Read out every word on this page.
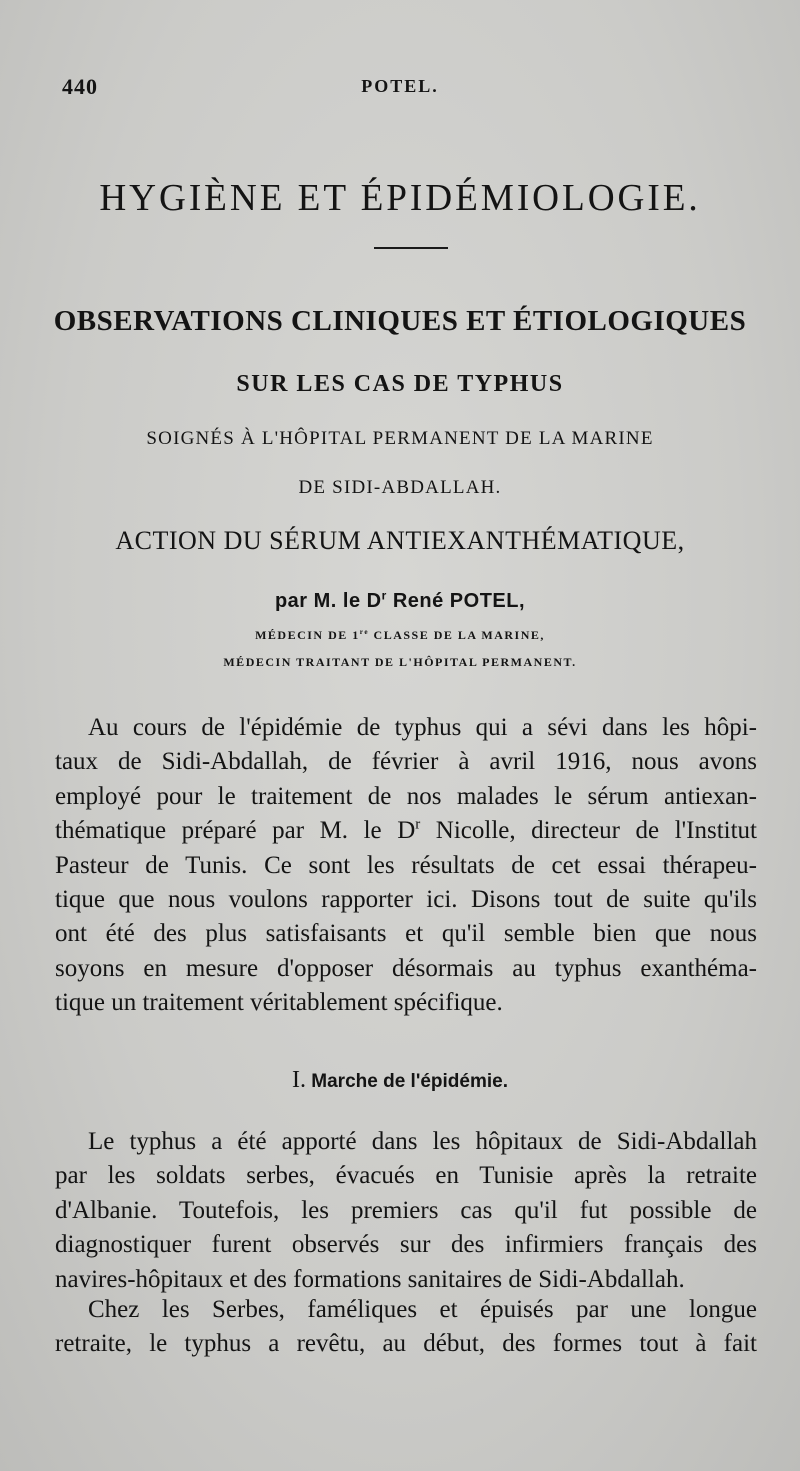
440	POTEL.
HYGIÈNE ET ÉPIDÉMIOLOGIE.
OBSERVATIONS CLINIQUES ET ÉTIOLOGIQUES
SUR LES CAS DE TYPHUS
SOIGNÉS À L'HÔPITAL PERMANENT DE LA MARINE
DE SIDI-ABDALLAH.
ACTION DU SÉRUM ANTIEXANTHÉMATIQUE,
par M. le $D^r$ René POTEL,
MÉDECIN DE 1re CLASSE DE LA MARINE,
MÉDECIN TRAITANT DE L'HÔPITAL PERMANENT.
Au cours de l'épidémie de typhus qui a sévi dans les hôpi-
taux de Sidi-Abdallah, de février à avril 1916, nous avons
employé pour le traitement de nos malades le sérum antiexan-
thématique préparé par M. le $D^r$ Nicolle, directeur de l'Institut
Pasteur de Tunis. Ce sont les résultats de cet essai thérapeu-
tique que nous voulons rapporter ici. Disons tout de suite qu'ils
ont été des plus satisfaisants et qu'il semble bien que nous
soyons en mesure d'opposer désormais au typhus exanthéma-
tique un traitement véritablement spécifique.
I. Marche de l'épidémie.
Le typhus a été apporté dans les hôpitaux de Sidi-Abdallah
par les soldats serbes, évacués en Tunisie après la retraite
d'Albanie. Toutefois, les premiers cas qu'il fut possible de
diagnostiquer furent observés sur des infirmiers français des
navires-hôpitaux et des formations sanitaires de Sidi-Abdallah.
Chez les Serbes, faméliques et épuisés par une longue
retraite, le typhus a revêtu, au début, des formes tout à fait
